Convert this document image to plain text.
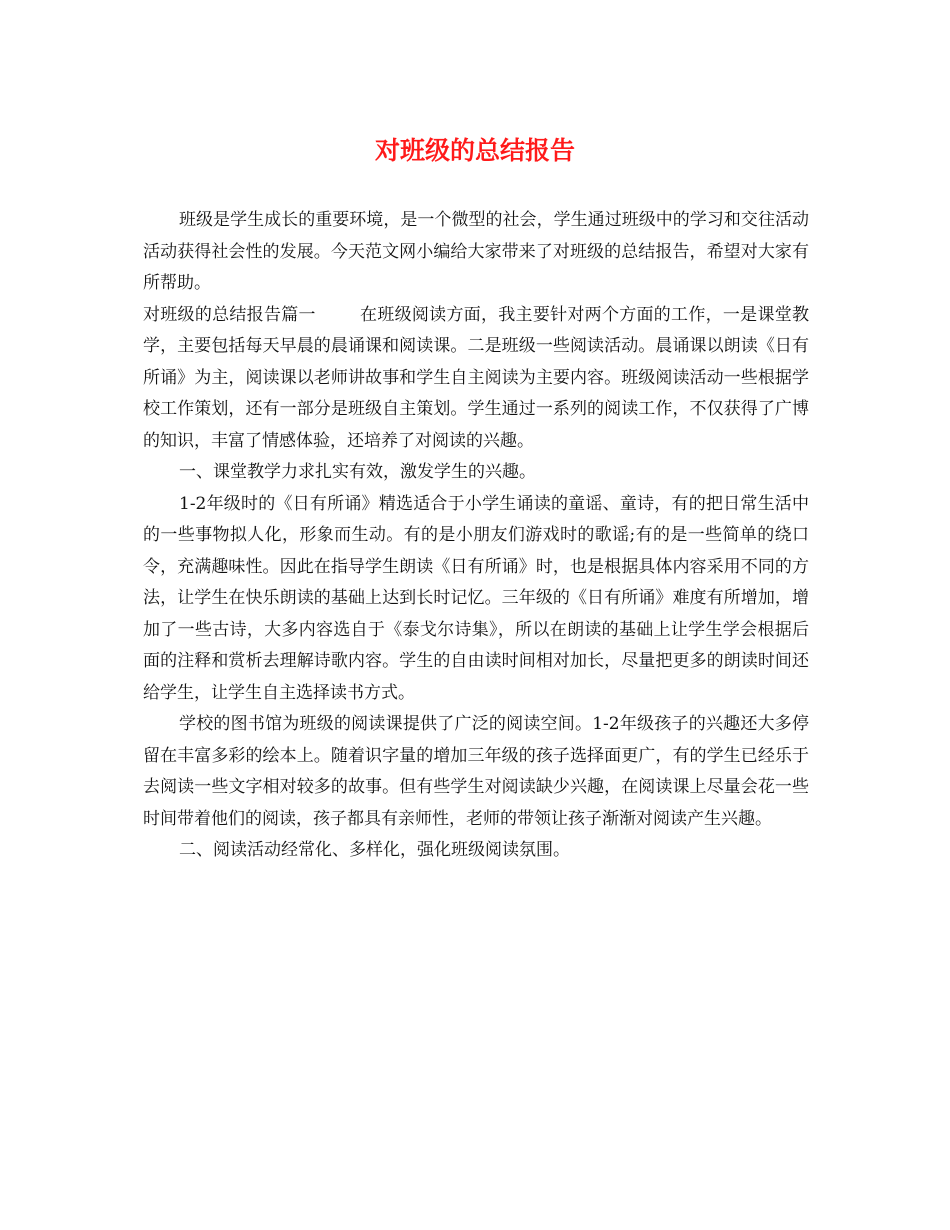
对班级的总结报告

班级是学生成长的重要环境，是一个微型的社会，学生通过班级中的学习和交往活动活动获得社会性的发展。今天范文网小编给大家带来了对班级的总结报告，希望对大家有所帮助。

对班级的总结报告篇一	在班级阅读方面，我主要针对两个方面的工作，一是课堂教学，主要包括每天早晨的晨诵课和阅读课。二是班级一些阅读活动。晨诵课以朗读《日有所诵》为主，阅读课以老师讲故事和学生自主阅读为主要内容。班级阅读活动一些根据学校工作策划，还有一部分是班级自主策划。学生通过一系列的阅读工作，不仅获得了广博的知识，丰富了情感体验，还培养了对阅读的兴趣。

一、课堂教学力求扎实有效，激发学生的兴趣。

1-2年级时的《日有所诵》精选适合于小学生诵读的童谣、童诗，有的把日常生活中的一些事物拟人化，形象而生动。有的是小朋友们游戏时的歌谣;有的是一些简单的绕口令，充满趣味性。因此在指导学生朗读《日有所诵》时，也是根据具体内容采用不同的方法，让学生在快乐朗读的基础上达到长时记忆。三年级的《日有所诵》难度有所增加，增加了一些古诗，大多内容选自于《泰戈尔诗集》，所以在朗读的基础上让学生学会根据后面的注释和赏析去理解诗歌内容。学生的自由读时间相对加长，尽量把更多的朗读时间还给学生，让学生自主选择读书方式。

学校的图书馆为班级的阅读课提供了广泛的阅读空间。1-2年级孩子的兴趣还大多停留在丰富多彩的绘本上。随着识字量的增加三年级的孩子选择面更广，有的学生已经乐于去阅读一些文字相对较多的故事。但有些学生对阅读缺少兴趣，在阅读课上尽量会花一些时间带着他们的阅读，孩子都具有亲师性，老师的带领让孩子渐渐对阅读产生兴趣。

二、阅读活动经常化、多样化，强化班级阅读氛围。
